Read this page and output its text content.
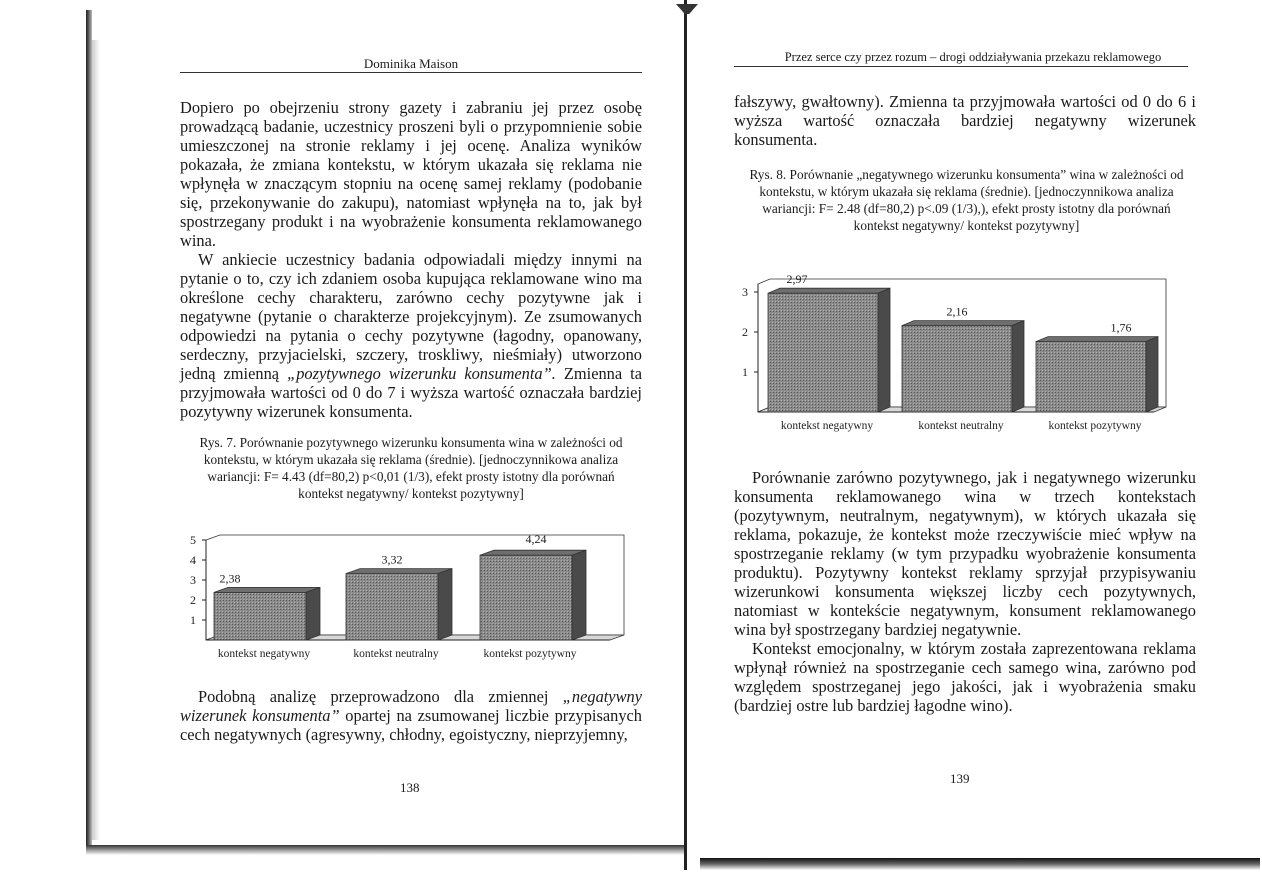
Dominika Maison

Dopiero po obejrzeniu strony gazety i zabraniu jej przez osobę prowadzącą badanie, uczestnicy proszeni byli o przypomnienie sobie umieszczonej na stronie reklamy i jej ocenę. Analiza wyników pokazała, że zmiana kontekstu, w którym ukazała się reklama nie wpłynęła w znaczącym stopniu na ocenę samej reklamy (podobanie się, przekonywanie do zakupu), natomiast wpłynęła na to, jak był spostrzegany produkt i na wyobrażenie konsumenta reklamowanego wina.

W ankiecie uczestnicy badania odpowiadali między innymi na pytanie o to, czy ich zdaniem osoba kupująca reklamowane wino ma określone cechy charakteru, zarówno cechy pozytywne jak i negatywne (pytanie o charakterze projekcyjnym). Ze zsumowanych odpowiedzi na pytania o cechy pozytywne (łagodny, opanowany, serdeczny, przyjacielski, szczery, troskliwy, nieśmiały) utworzono jedną zmienną „pozytywnego wizerunku konsumenta”. Zmienna ta przyjmowała wartości od 0 do 7 i wyższa wartość oznaczała bardziej pozytywny wizerunek konsumenta.

Rys. 7. Porównanie pozytywnego wizerunku konsumenta wina w zależności od kontekstu, w którym ukazała się reklama (średnie). [jednoczynnikowa analiza wariancji: F= 4.43 (df=80,2) p<0,01 (1/3), efekt prosty istotny dla porównań kontekst negatywny/ kontekst pozytywny]
1
2
3
4
5
2,38
kontekst negatywny
3,32
kontekst neutralny
4,24
kontekst pozytywny

Podobną analizę przeprowadzono dla zmiennej „negatywny wizerunek konsumenta” opartej na zsumowanej liczbie przypisanych cech negatywnych (agresywny, chłodny, egoistyczny, nieprzyjemny,

138
Przez serce czy przez rozum – drogi oddziaływania przekazu reklamowego

fałszywy, gwałtowny). Zmienna ta przyjmowała wartości od 0 do 6 i wyższa wartość oznaczała bardziej negatywny wizerunek konsumenta.

Rys. 8. Porównanie „negatywnego wizerunku konsumenta” wina w zależności od kontekstu, w którym ukazała się reklama (średnie). [jednoczynnikowa analiza wariancji: F= 2.48 (df=80,2) p<.09 (1/3),), efekt prosty istotny dla porównań kontekst negatywny/ kontekst pozytywny]
1
2
3
2,97
kontekst negatywny
2,16
kontekst neutralny
1,76
kontekst pozytywny

Porównanie zarówno pozytywnego, jak i negatywnego wizerunku konsumenta reklamowanego wina w trzech kontekstach (pozytywnym, neutralnym, negatywnym), w których ukazała się reklama, pokazuje, że kontekst może rzeczywiście mieć wpływ na spostrzeganie reklamy (w tym przypadku wyobrażenie konsumenta produktu). Pozytywny kontekst reklamy sprzyjał przypisywaniu wizerunkowi konsumenta większej liczby cech pozytywnych, natomiast w kontekście negatywnym, konsument reklamowanego wina był spostrzegany bardziej negatywnie.

Kontekst emocjonalny, w którym została zaprezentowana reklama wpłynął również na spostrzeganie cech samego wina, zarówno pod względem spostrzeganej jego jakości, jak i wyobrażenia smaku (bardziej ostre lub bardziej łagodne wino).

139
